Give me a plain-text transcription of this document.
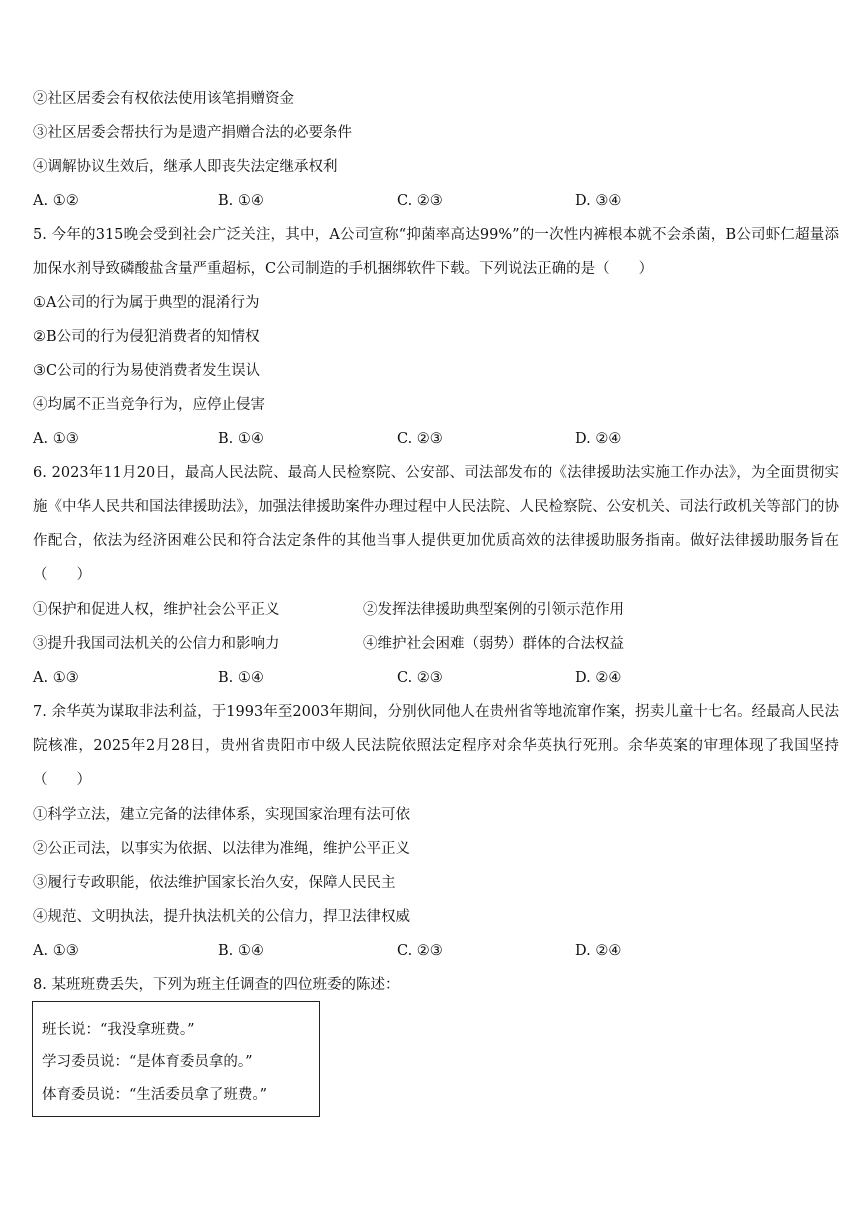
②社区居委会有权依法使用该笔捐赠资金
③社区居委会帮扶行为是遗产捐赠合法的必要条件
④调解协议生效后，继承人即丧失法定继承权利
A. ①②	B. ①④	C. ②③	D. ③④
5. 今年的315晚会受到社会广泛关注，其中，A公司宣称“抑菌率高达99%”的一次性内裤根本就不会杀菌，B公司虾仁超量添加保水剂导致磷酸盐含量严重超标，C公司制造的手机捆绑软件下载。下列说法正确的是（　　）
①A公司的行为属于典型的混淆行为
②B公司的行为侵犯消费者的知情权
③C公司的行为易使消费者发生误认
④均属不正当竞争行为，应停止侵害
A. ①③	B. ①④	C. ②③	D. ②④
6. 2023年11月20日，最高人民法院、最高人民检察院、公安部、司法部发布的《法律援助法实施工作办法》，为全面贯彻实施《中华人民共和国法律援助法》，加强法律援助案件办理过程中人民法院、人民检察院、公安机关、司法行政机关等部门的协作配合，依法为经济困难公民和符合法定条件的其他当事人提供更加优质高效的法律援助服务指南。做好法律援助服务旨在（　　）
①保护和促进人权，维护社会公平正义	②发挥法律援助典型案例的引领示范作用
③提升我国司法机关的公信力和影响力	④维护社会困难（弱势）群体的合法权益
A. ①③	B. ①④	C. ②③	D. ②④
7. 余华英为谋取非法利益，于1993年至2003年期间，分别伙同他人在贵州省等地流窜作案，拐卖儿童十七名。经最高人民法院核准，2025年2月28日，贵州省贵阳市中级人民法院依照法定程序对余华英执行死刑。余华英案的审理体现了我国坚持（　　）
①科学立法，建立完备的法律体系，实现国家治理有法可依
②公正司法，以事实为依据、以法律为准绳，维护公平正义
③履行专政职能，依法维护国家长治久安，保障人民民主
④规范、文明执法，提升执法机关的公信力，捍卫法律权威
A. ①③	B. ①④	C. ②③	D. ②④
8. 某班班费丢失，下列为班主任调查的四位班委的陈述：
班长说：“我没拿班费。”
学习委员说：“是体育委员拿的。”
体育委员说：“生活委员拿了班费。”
